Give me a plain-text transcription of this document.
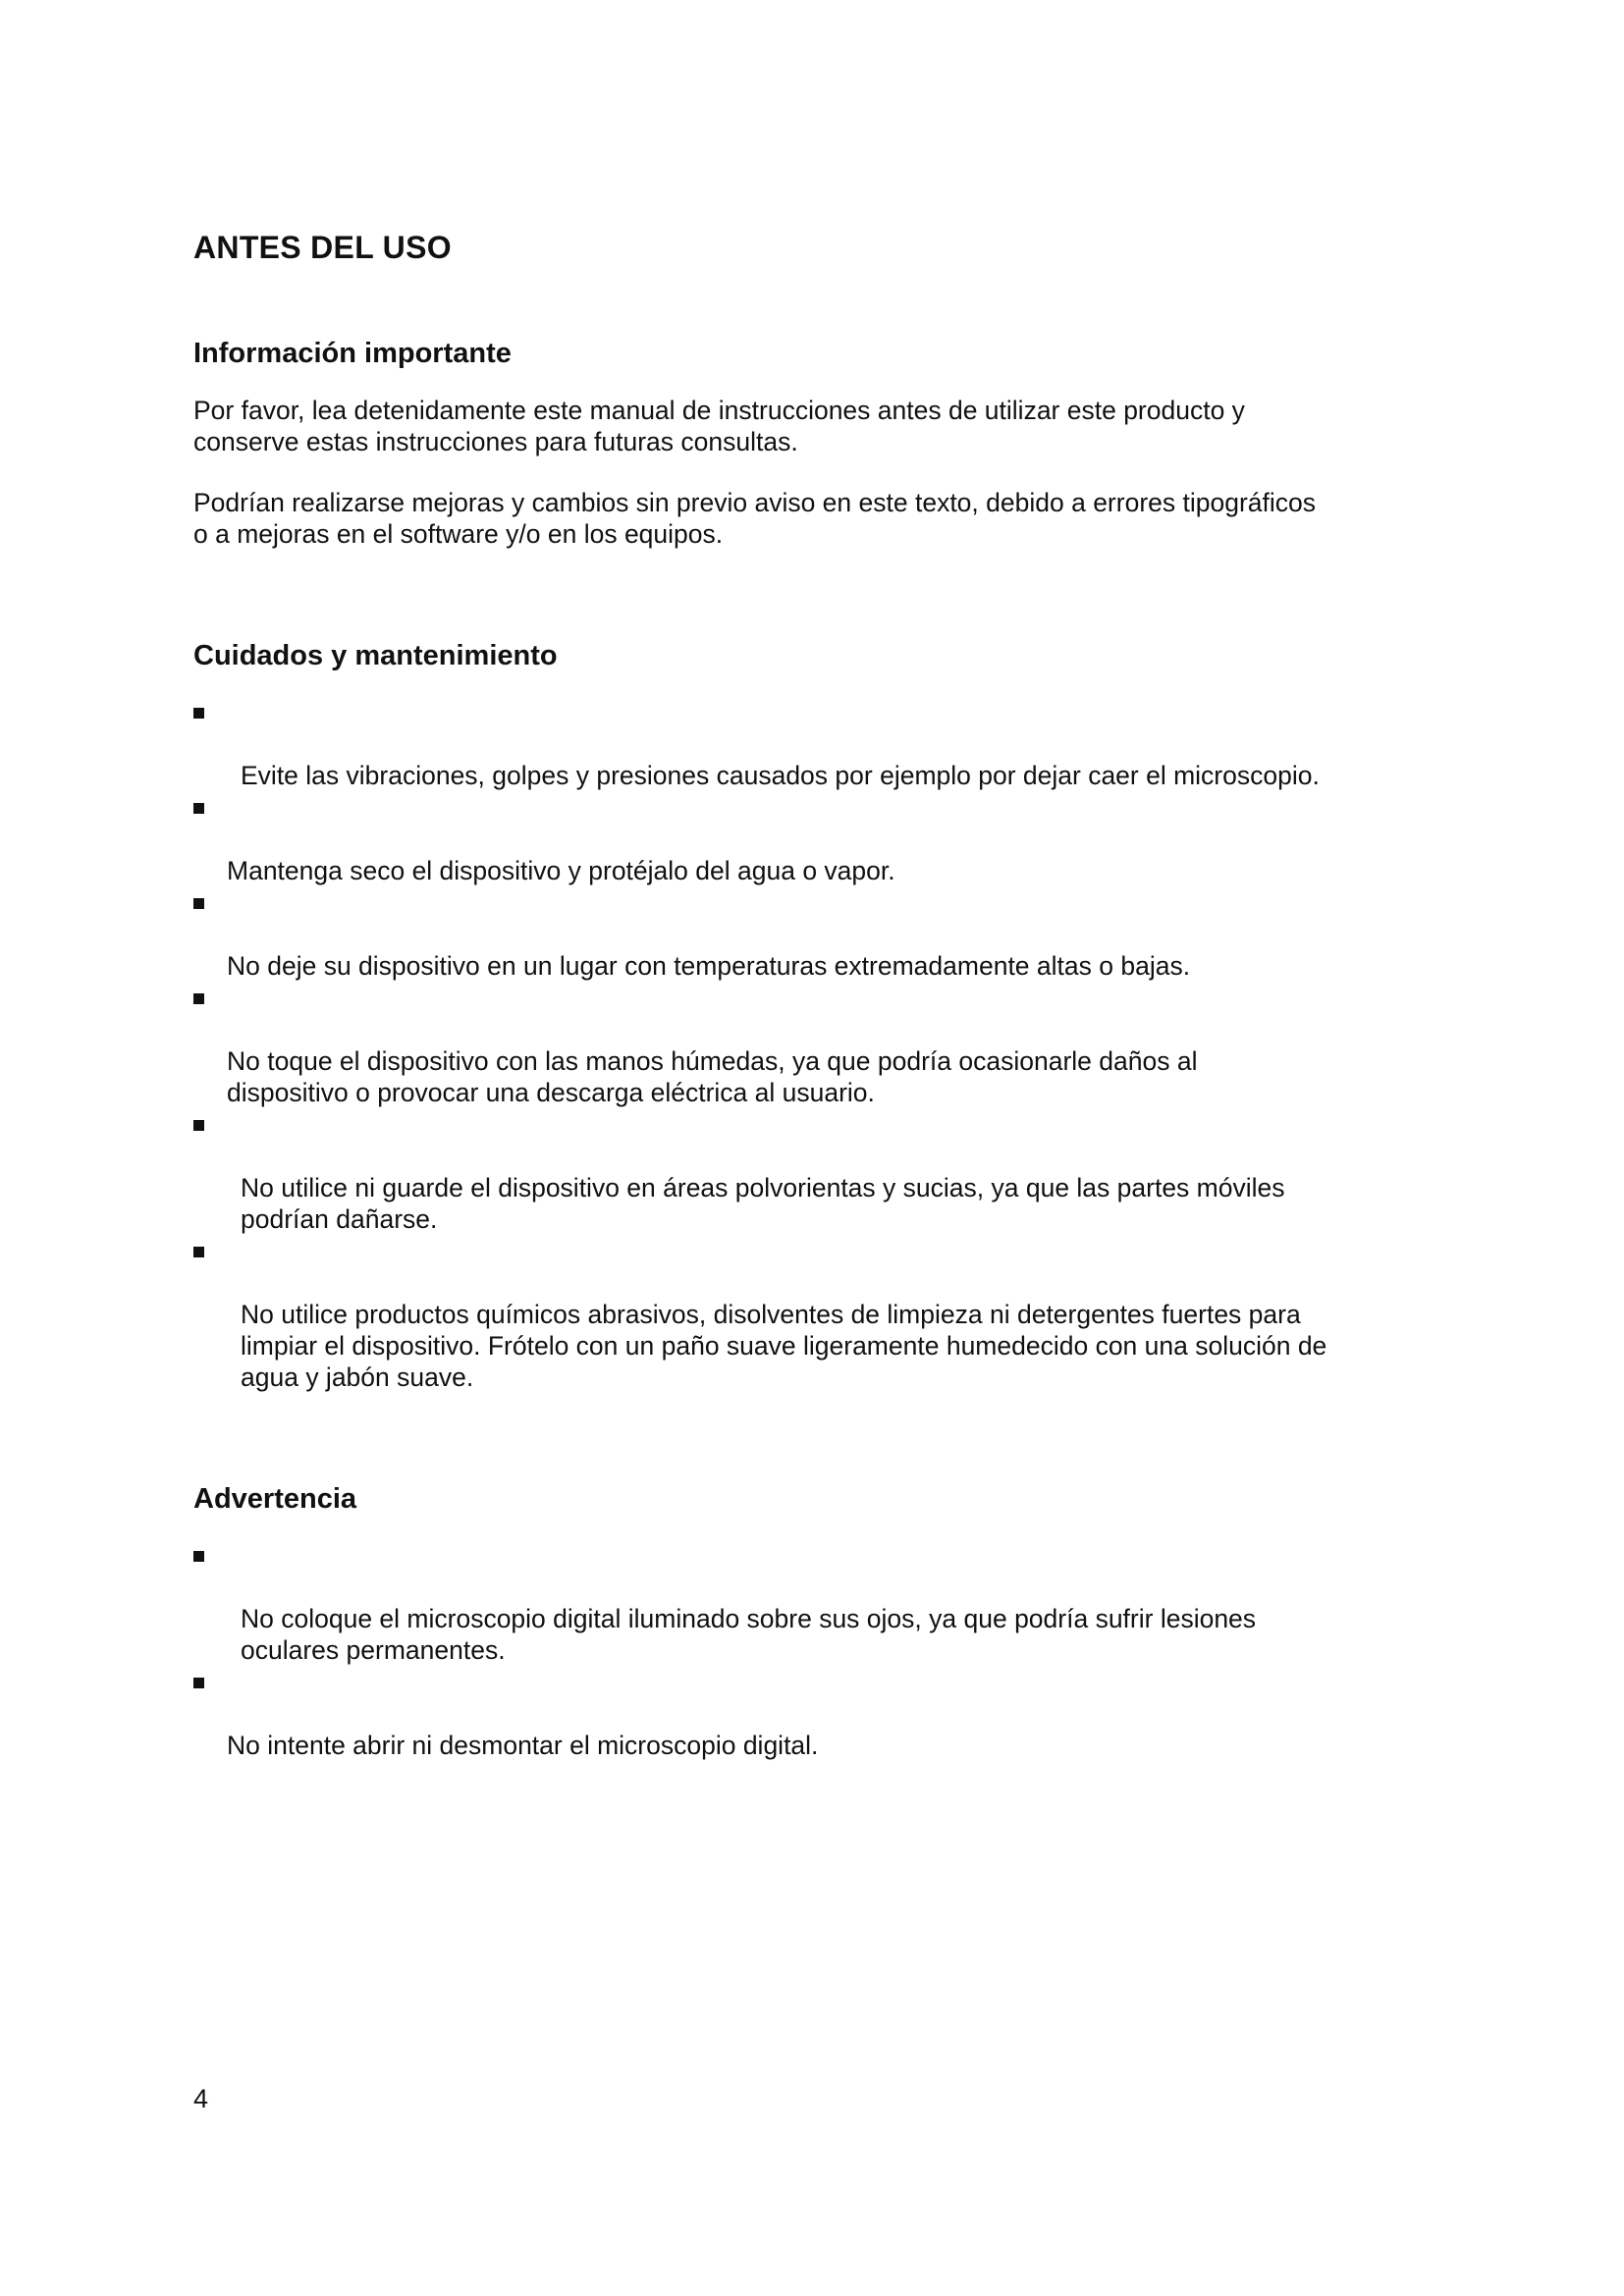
ANTES DEL USO
Información importante

Por favor, lea detenidamente este manual de instrucciones antes de utilizar este producto y
conserve estas instrucciones para futuras consultas.

Podrían realizarse mejoras y cambios sin previo aviso en este texto, debido a errores tipográficos
o a mejoras en el software y/o en los equipos.

Cuidados y mantenimiento

Evite las vibraciones, golpes y presiones causados por ejemplo por dejar caer el microscopio.

Mantenga seco el dispositivo y protéjalo del agua o vapor.

No deje su dispositivo en un lugar con temperaturas extremadamente altas o bajas.

No toque el dispositivo con las manos húmedas, ya que podría ocasionarle daños al
dispositivo o provocar una descarga eléctrica al usuario.

No utilice ni guarde el dispositivo en áreas polvorientas y sucias, ya que las partes móviles
podrían dañarse.

No utilice productos químicos abrasivos, disolventes de limpieza ni detergentes fuertes para
limpiar el dispositivo. Frótelo con un paño suave ligeramente humedecido con una solución de
agua y jabón suave.

Advertencia

No coloque el microscopio digital iluminado sobre sus ojos, ya que podría sufrir lesiones
oculares permanentes.

No intente abrir ni desmontar el microscopio digital.

4
